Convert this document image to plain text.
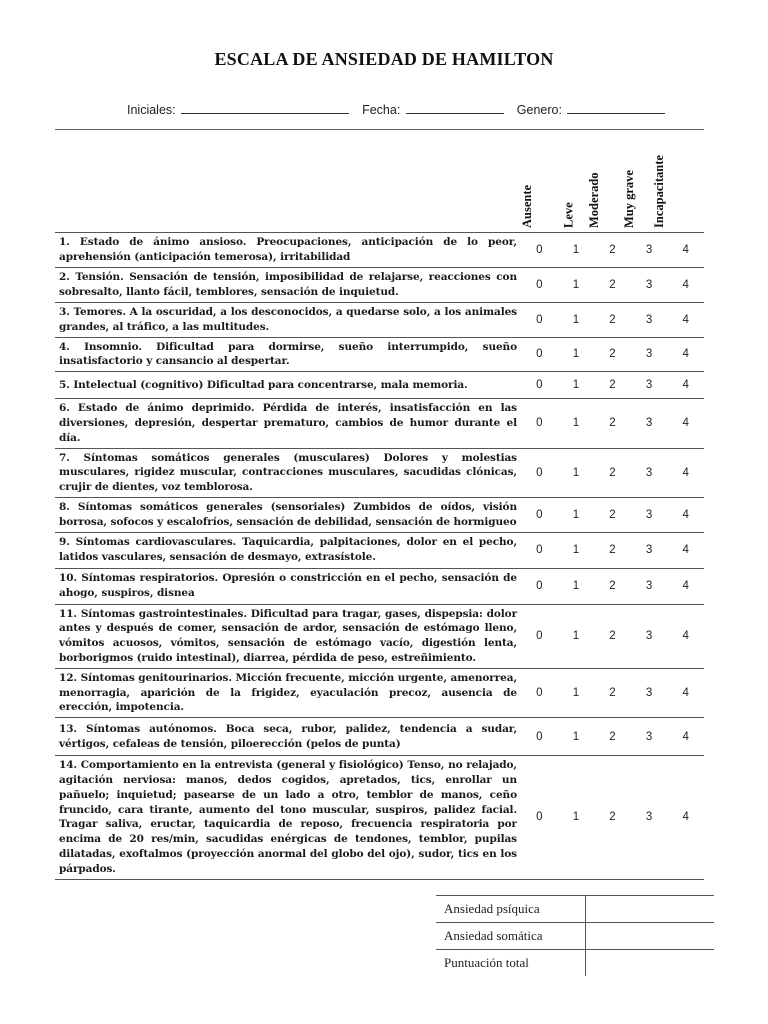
ESCALA DE ANSIEDAD DE HAMILTON
Iniciales:	Fecha:	Genero:
Ausente Leve Moderado Muy grave Incapacitante
1. Estado de ánimo ansioso. Preocupaciones, anticipación de lo peor, aprehensión (anticipación temerosa), irritabilidad	0	1	2	3	4
2. Tensión. Sensación de tensión, imposibilidad de relajarse, reacciones con sobresalto, llanto fácil, temblores, sensación de inquietud.	0	1	2	3	4
3. Temores. A la oscuridad, a los desconocidos, a quedarse solo, a los animales grandes, al tráfico, a las multitudes.	0	1	2	3	4
4. Insomnio. Dificultad para dormirse, sueño interrumpido, sueño insatisfactorio y cansancio al despertar.	0	1	2	3	4
5. Intelectual (cognitivo) Dificultad para concentrarse, mala memoria.	0	1	2	3	4
6. Estado de ánimo deprimido. Pérdida de interés, insatisfacción en las diversiones, depresión, despertar prematuro, cambios de humor durante el día.	0	1	2	3	4
7. Síntomas somáticos generales (musculares) Dolores y molestias musculares, rigidez muscular, contracciones musculares, sacudidas clónicas, crujir de dientes, voz temblorosa.	0	1	2	3	4
8. Síntomas somáticos generales (sensoriales) Zumbidos de oídos, visión borrosa, sofocos y escalofríos, sensación de debilidad, sensación de hormigueo	0	1	2	3	4
9. Síntomas cardiovasculares. Taquicardia, palpitaciones, dolor en el pecho, latidos vasculares, sensación de desmayo, extrasístole.	0	1	2	3	4
10. Síntomas respiratorios. Opresión o constricción en el pecho, sensación de ahogo, suspiros, disnea	0	1	2	3	4
11. Síntomas gastrointestinales. Dificultad para tragar, gases, dispepsia: dolor antes y después de comer, sensación de ardor, sensación de estómago lleno, vómitos acuosos, vómitos, sensación de estómago vacío, digestión lenta, borborigmos (ruido intestinal), diarrea, pérdida de peso, estreñimiento.	0	1	2	3	4
12. Síntomas genitourinarios. Micción frecuente, micción urgente, amenorrea, menorragia, aparición de la frigidez, eyaculación precoz, ausencia de erección, impotencia.	0	1	2	3	4
13. Síntomas autónomos. Boca seca, rubor, palidez, tendencia a sudar, vértigos, cefaleas de tensión, piloerección (pelos de punta)	0	1	2	3	4
14. Comportamiento en la entrevista (general y fisiológico) Tenso, no relajado, agitación nerviosa: manos, dedos cogidos, apretados, tics, enrollar un pañuelo; inquietud; pasearse de un lado a otro, temblor de manos, ceño fruncido, cara tirante, aumento del tono muscular, suspiros, palidez facial. Tragar saliva, eructar, taquicardia de reposo, frecuencia respiratoria por encima de 20 res/min, sacudidas enérgicas de tendones, temblor, pupilas dilatadas, exoftalmos (proyección anormal del globo del ojo), sudor, tics en los párpados.	0	1	2	3	4
Ansiedad psíquica	
Ansiedad somática	
Puntuación total	
